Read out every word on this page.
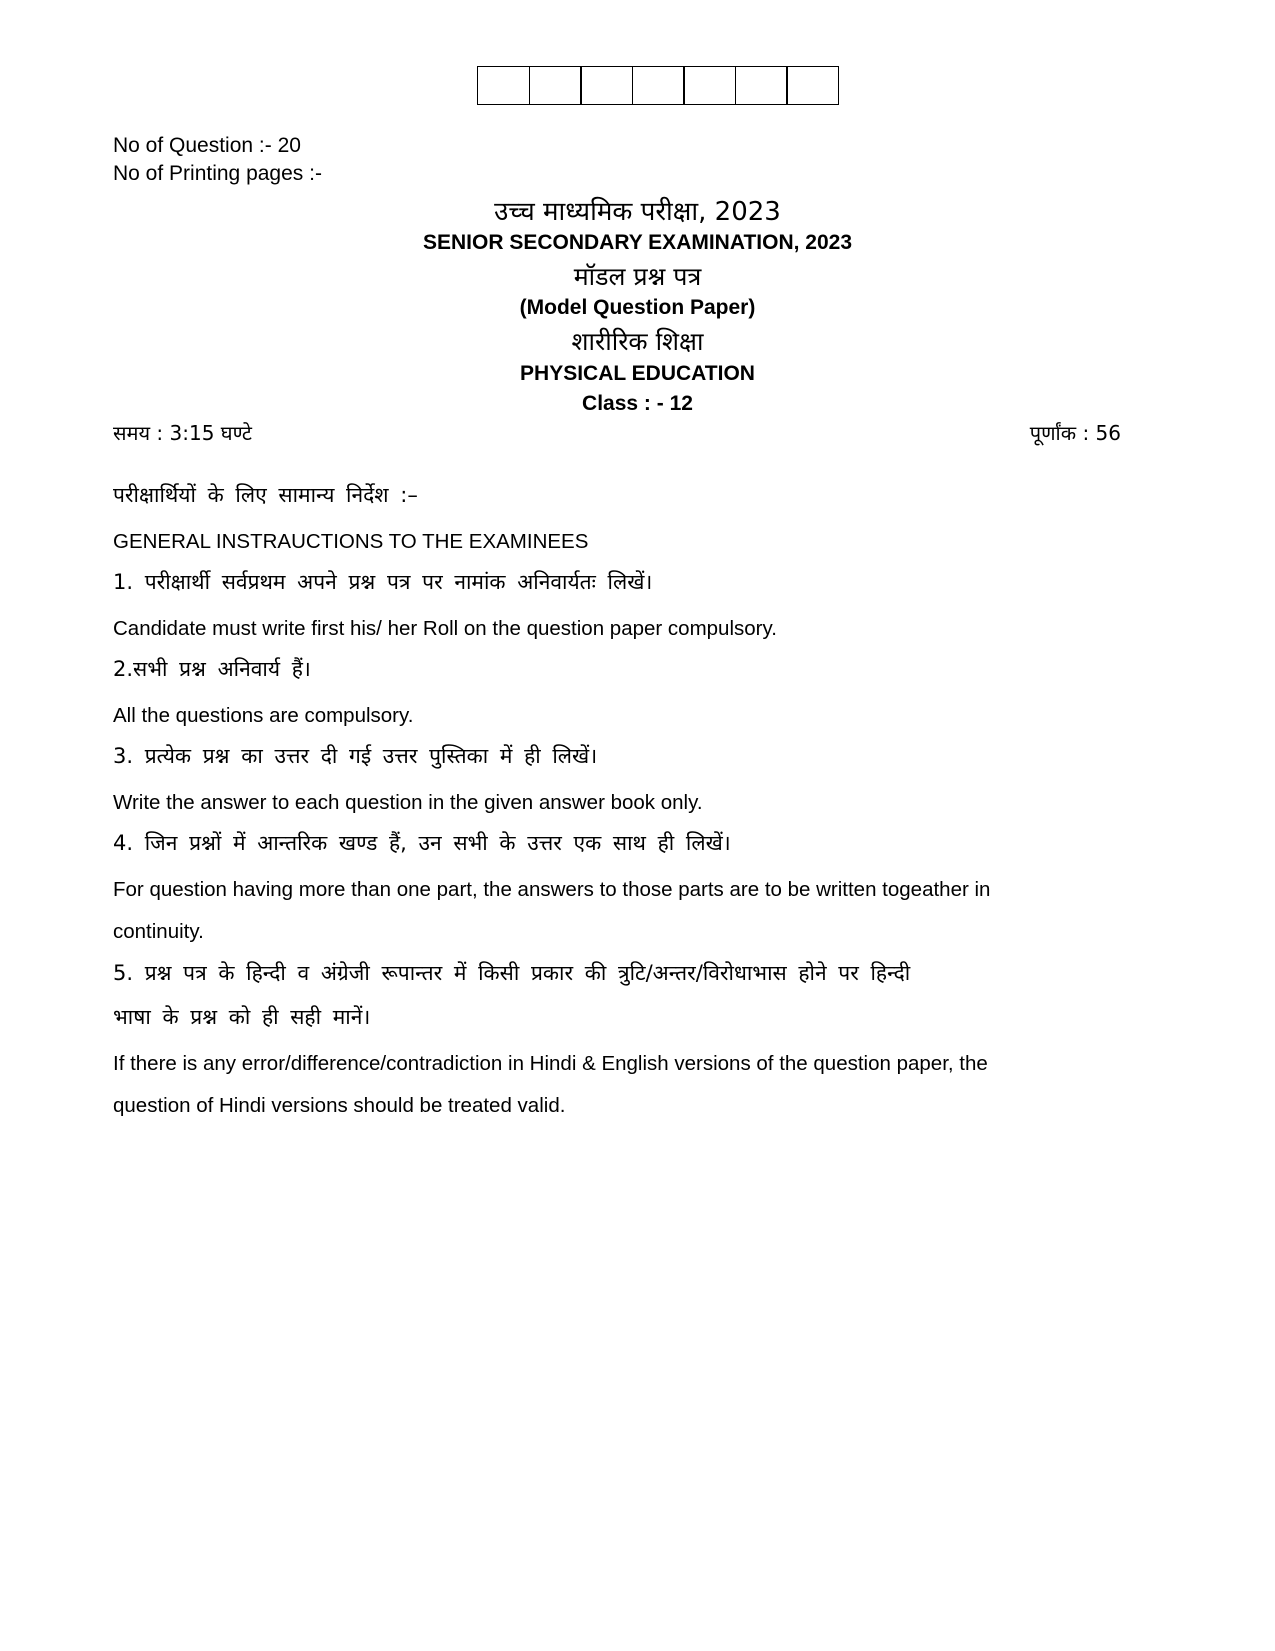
No of Question :- 20
No of Printing pages :-
उच्च माध्यमिक परीक्षा, 2023
SENIOR SECONDARY EXAMINATION, 2023
मॉडल प्रश्न पत्र
(Model Question Paper)
शारीरिक शिक्षा
PHYSICAL EDUCATION
Class : - 12
समय : 3:15 घण्टे	पूर्णांक : 56
परीक्षार्थियों के लिए सामान्य निर्देश :–
GENERAL INSTRAUCTIONS TO THE EXAMINEES
1. परीक्षार्थी सर्वप्रथम अपने प्रश्न पत्र पर नामांक अनिवार्यतः लिखें।
Candidate must write first his/ her Roll on the question paper compulsory.
2.सभी प्रश्न अनिवार्य हैं।
All the questions are compulsory.
3. प्रत्येक प्रश्न का उत्तर दी गई उत्तर पुस्तिका में ही लिखें।
Write the answer to each question in the given answer book only.
4. जिन प्रश्नों में आन्तरिक खण्ड हैं, उन सभी के उत्तर एक साथ ही लिखें।
For question having more than one part, the answers to those parts are to be written togeather in
continuity.
5. प्रश्न पत्र के हिन्दी व अंग्रेजी रूपान्तर में किसी प्रकार की त्रुटि/अन्तर/विरोधाभास होने पर हिन्दी
भाषा के प्रश्न को ही सही मानें।
If there is any error/difference/contradiction in Hindi & English versions of the question paper, the
question of Hindi versions should be treated valid.
